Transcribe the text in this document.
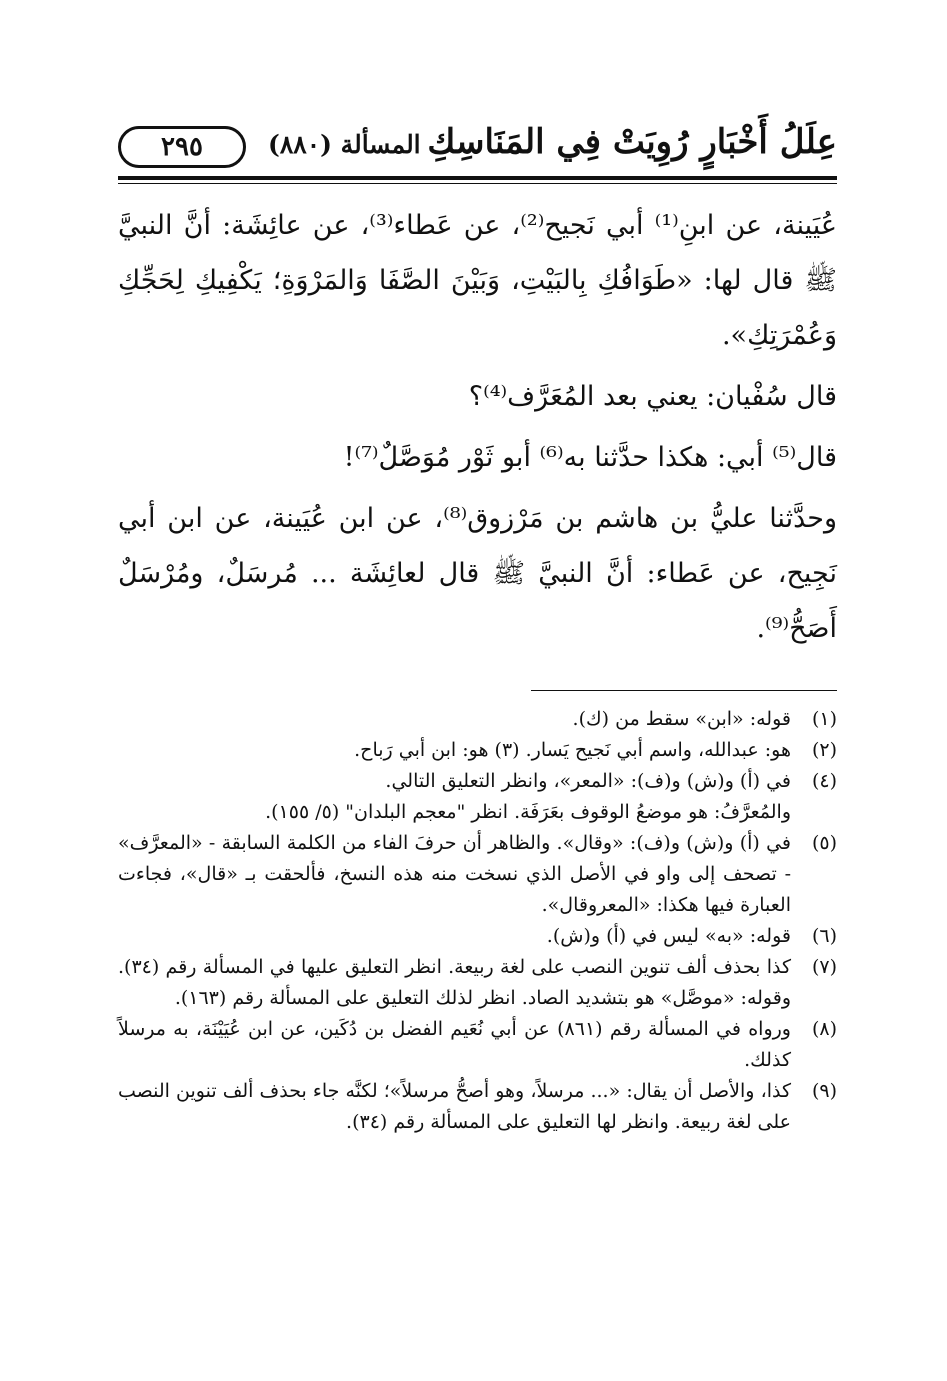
عِلَلُ أَخْبَارٍ رُوِيَتْ فِي المَنَاسِكِ
المسألة (٨٨٠)
٢٩٥

عُيَينة، عن ابنِ⁽¹⁾ أبي نَجيح⁽²⁾، عن عَطاء⁽³⁾، عن عائِشَة: أنَّ النبيَّ ﷺ قال لها: «طَوَافُكِ بِالبَيْتِ، وَبَيْنَ الصَّفَا وَالمَرْوَةِ؛ يَكْفِيكِ لِحَجِّكِ وَعُمْرَتِكِ».

قال سُفْيان: يعني بعد المُعَرَّف⁽⁴⁾؟

قال⁽⁵⁾ أبي: هكذا حدَّثنا به⁽⁶⁾ أبو ثَوْر مُوَصَّلٌ⁽⁷⁾!

وحدَّثنا عليُّ بن هاشم بن مَرْزوق⁽⁸⁾، عن ابن عُيَينة، عن ابن أبي نَجِيح، عن عَطاء: أنَّ النبيَّ ﷺ قال لعائِشَة ... مُرسَلٌ، ومُرْسَلٌ أَصَحُّ⁽⁹⁾.

(١)
قوله: «ابن» سقط من (ك).
(٢)
هو: عبدالله، واسم أبي نَجيح يَسار. (٣) هو: ابن أبي رَباح.
(٤)
في (أ) و(ش) و(ف): «المعر»، وانظر التعليق التالي.
والمُعرَّفُ: هو موضعُ الوقوف بعَرَفَة. انظر "معجم البلدان" (٥/ ١٥٥).
(٥)
في (أ) و(ش) و(ف): «وقال». والظاهر أن حرفَ الفاء من الكلمة السابقة - «المعرَّف» - تصحف إلى واو في الأصل الذي نسخت منه هذه النسخ، فألحقت بـ «قال»، فجاءت العبارة فيها هكذا: «المعروقال».
(٦)
قوله: «به» ليس في (أ) و(ش).
(٧)
كذا بحذف ألف تنوين النصب على لغة ربيعة. انظر التعليق عليها في المسألة رقم (٣٤). وقوله: «موصَّل» هو بتشديد الصاد. انظر لذلك التعليق على المسألة رقم (١٦٣).
(٨)
ورواه في المسألة رقم (٨٦١) عن أبي نُعَيم الفضل بن دُكَين، عن ابن عُيَيْنَة، به مرسلاً كذلك.
(٩)
كذا، والأصل أن يقال: «... مرسلاً، وهو أصحُّ مرسلاً»؛ لكنَّه جاء بحذف ألف تنوين النصب على لغة ربيعة. وانظر لها التعليق على المسألة رقم (٣٤).
